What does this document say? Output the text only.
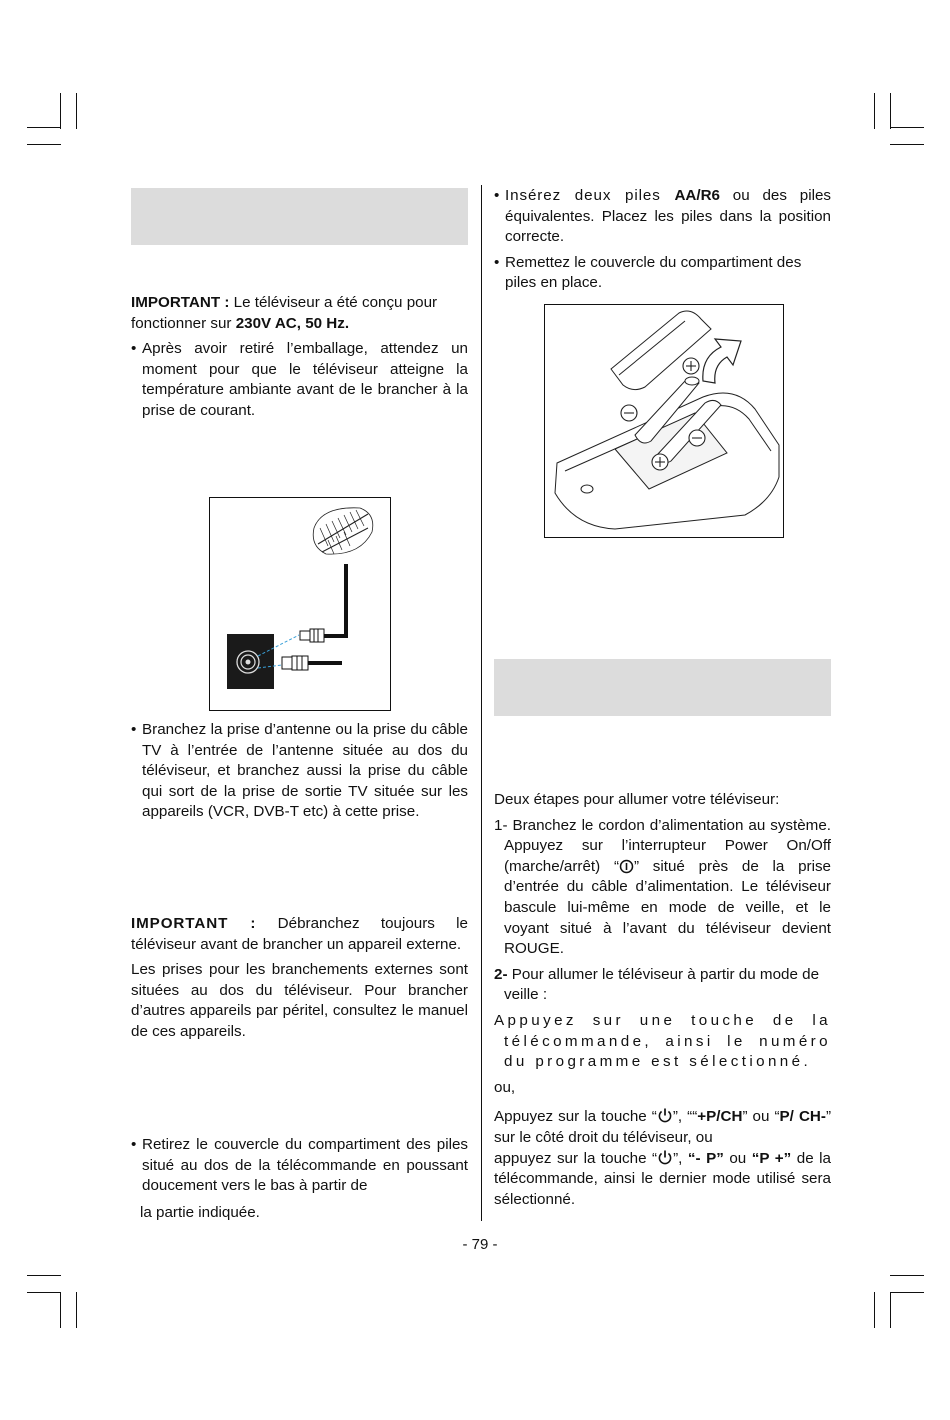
IMPORTANT : Le téléviseur a été conçu pour fonctionner sur 230V AC, 50 Hz.

• Après avoir retiré l’emballage, attendez un moment pour que le téléviseur atteigne la température ambiante avant de le brancher à la prise de courant.

• Branchez la prise d’antenne ou la prise du câble TV à l’entrée de l’antenne située au dos du téléviseur, et branchez aussi la prise du câble qui sort de la prise de sortie TV située sur les appareils (VCR, DVB-T etc) à cette prise.

IMPORTANT : Débranchez toujours le téléviseur avant de brancher un appareil externe.

Les prises pour les branchements externes sont situées au dos du téléviseur. Pour brancher d’autres appareils par péritel, consultez le manuel de ces appareils.

• Retirez le couvercle du compartiment des piles situé au dos de la télécommande en poussant doucement vers le bas à partir de

la partie indiquée.

• Insérez deux piles AA/R6 ou des piles équivalentes. Placez les piles dans la position correcte.

• Remettez le couvercle du compartiment des piles en place.

Deux étapes pour allumer votre téléviseur:

1- Branchez le cordon d’alimentation au système. Appuyez sur l’interrupteur Power On/Off (marche/arrêt) “ ” situé près de la prise d’entrée du câble d’alimentation. Le téléviseur bascule lui-même en mode de veille, et le voyant situé à l’avant du téléviseur devient ROUGE.

2- Pour allumer le téléviseur à partir du mode de veille :

Appuyez sur une touche de la télécommande, ainsi le numéro du programme est sélectionné.

ou,

Appuyez sur la touche “ ”, ““+P/CH” ou “P/ CH-” sur le côté droit du téléviseur, ou
appuyez sur la touche “ ”, “- P” ou “P +” de la télécommande, ainsi le dernier mode utilisé sera sélectionné.

- 79 -
